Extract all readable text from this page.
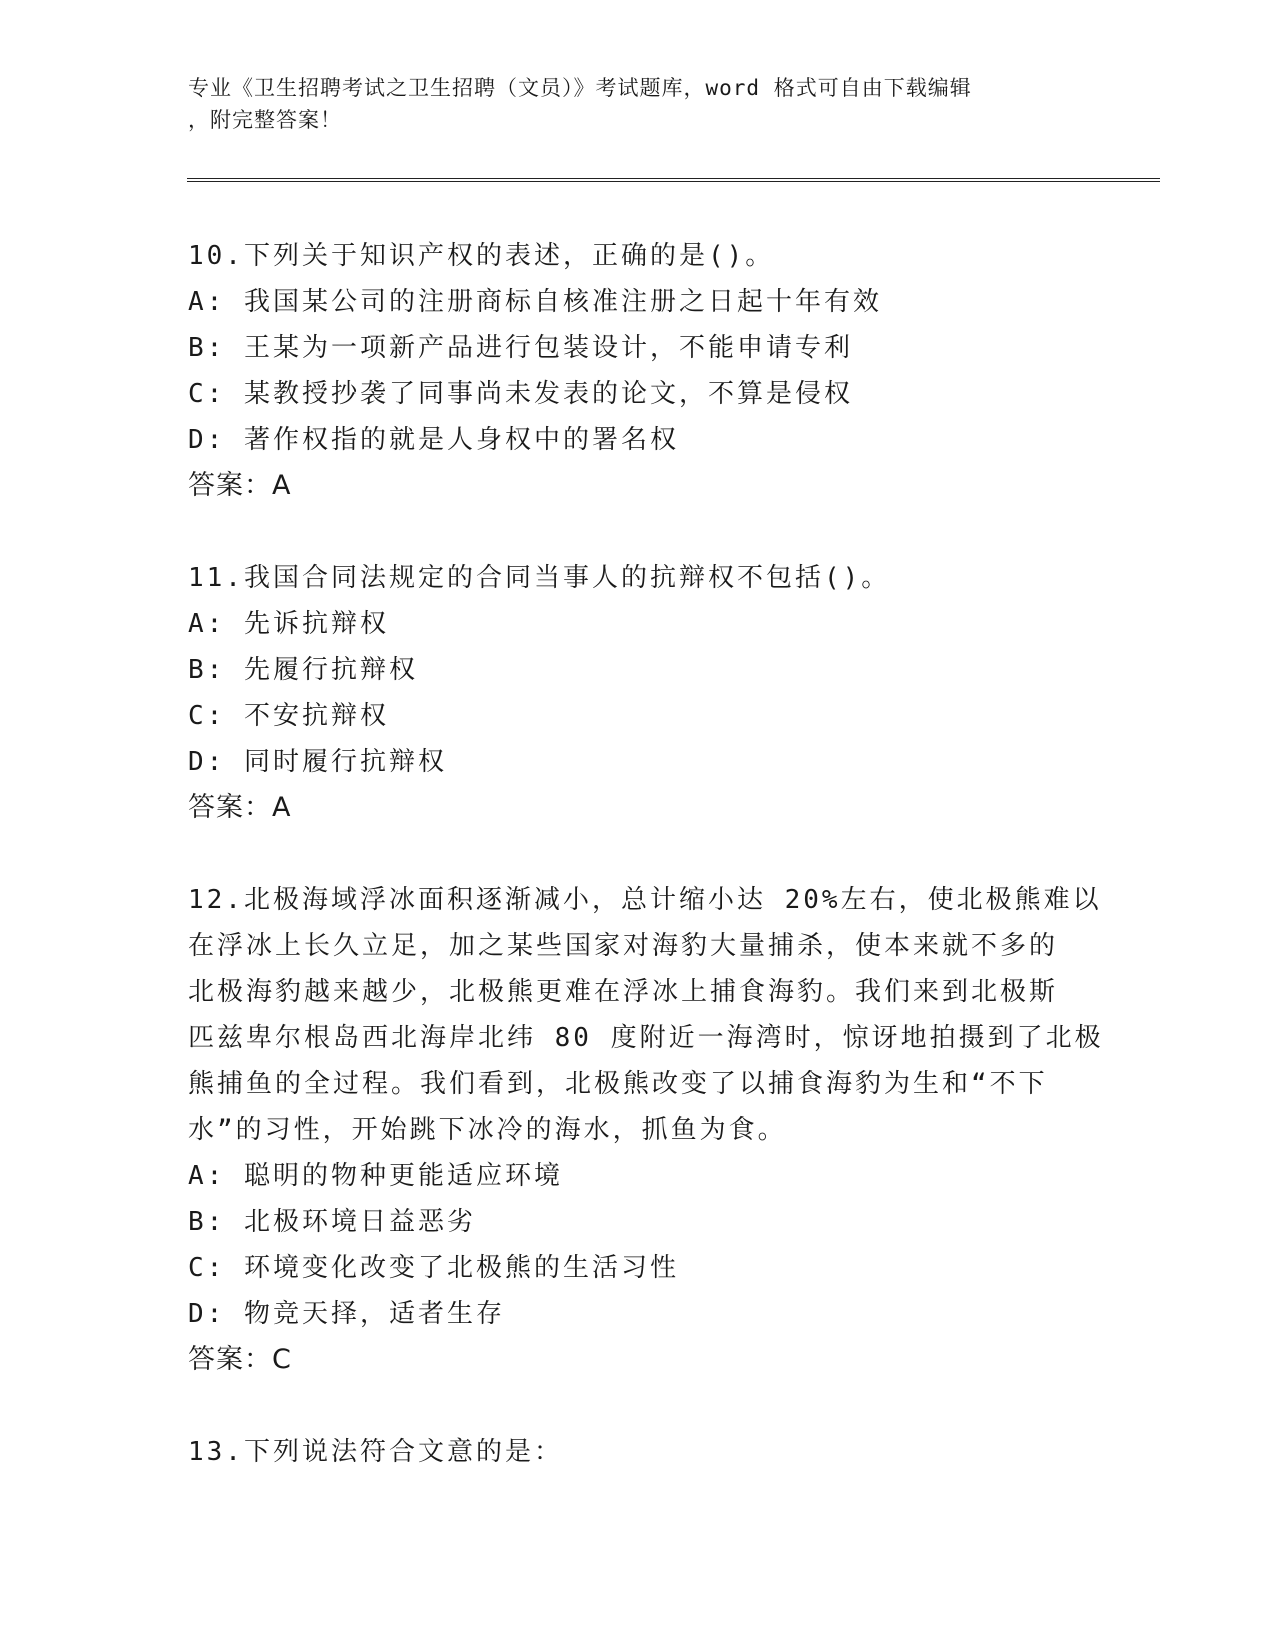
专业《卫生招聘考试之卫生招聘（文员）》考试题库，word 格式可自由下载编辑
，附完整答案！
10.下列关于知识产权的表述，正确的是()。
A: 我国某公司的注册商标自核准注册之日起十年有效
B: 王某为一项新产品进行包装设计，不能申请专利
C: 某教授抄袭了同事尚未发表的论文，不算是侵权
D: 著作权指的就是人身权中的署名权
答案：A
11.我国合同法规定的合同当事人的抗辩权不包括()。
A: 先诉抗辩权
B: 先履行抗辩权
C: 不安抗辩权
D: 同时履行抗辩权
答案：A
12.北极海域浮冰面积逐渐减小，总计缩小达 20%左右，使北极熊难以
在浮冰上长久立足，加之某些国家对海豹大量捕杀，使本来就不多的
北极海豹越来越少，北极熊更难在浮冰上捕食海豹。我们来到北极斯
匹兹卑尔根岛西北海岸北纬 80 度附近一海湾时，惊讶地拍摄到了北极
熊捕鱼的全过程。我们看到，北极熊改变了以捕食海豹为生和“不下
水”的习性，开始跳下冰冷的海水，抓鱼为食。
A: 聪明的物种更能适应环境
B: 北极环境日益恶劣
C: 环境变化改变了北极熊的生活习性
D: 物竞天择，适者生存
答案：C
13.下列说法符合文意的是：
